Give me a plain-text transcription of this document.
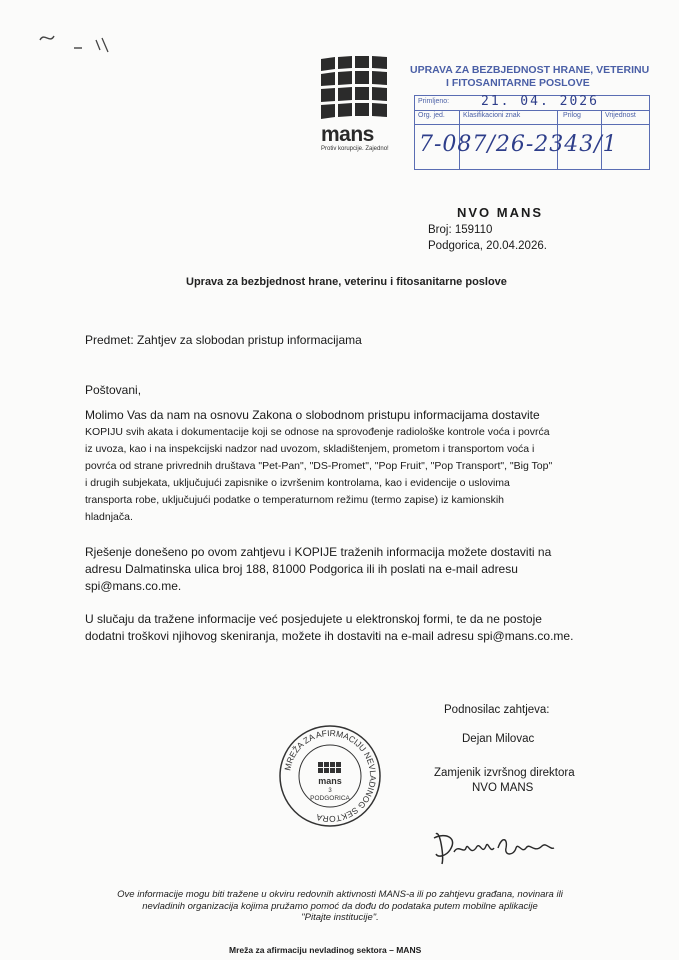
mans
Protiv korupcije. Zajedno!
UPRAVA ZA BEZBJEDNOST HRANE, VETERINU
I FITOSANITARNE POSLOVE
Primljeno: 21. 04. 2026
Org. jed.	Klasifikacioni znak	Prilog	Vrijednost
7-087/26-2343/1
NVO MANS
Broj: 159110
Podgorica, 20.04.2026.
Uprava za bezbjednost hrane, veterinu i fitosanitarne poslove
Predmet: Zahtjev za slobodan pristup informacijama
Poštovani,
Molimo Vas da nam na osnovu Zakona o slobodnom pristupu informacijama dostavite
KOPIJU svih akata i dokumentacije koji se odnose na sprovođenje radiološke kontrole voća i povrća
iz uvoza, kao i na inspekcijski nadzor nad uvozom, skladištenjem, prometom i transportom voća i
povrća od strane privrednih društava "Pet-Pan", "DS-Promet", "Pop Fruit", "Pop Transport", "Big Top"
i drugih subjekata, uključujući zapisnike o izvršenim kontrolama, kao i evidencije o uslovima
transporta robe, uključujući podatke o temperaturnom režimu (termo zapise) iz kamionskih
hladnjača.
Rješenje donešeno po ovom zahtjevu i KOPIJE traženih informacija možete dostaviti na
adresu Dalmatinska ulica broj 188, 81000 Podgorica ili ih poslati na e-mail adresu
spi@mans.co.me.
U slučaju da tražene informacije već posjedujete u elektronskoj formi, te da ne postoje
dodatni troškovi njihovog skeniranja, možete ih dostaviti na e-mail adresu spi@mans.co.me.
Podnosilac zahtjeva:
Dejan Milovac
Zamjenik izvršnog direktora
NVO MANS
MREŽA ZA AFIRMACIJU NEVLADINOG SEKTORA
mans
3
PODGORICA
Ove informacije mogu biti tražene u okviru redovnih aktivnosti MANS-a ili po zahtjevu građana, novinara ili
nevladinih organizacija kojima pružamo pomoć da dođu do podataka putem mobilne aplikacije
"Pitajte institucije".
Mreža za afirmaciju nevladinog sektora – MANS
